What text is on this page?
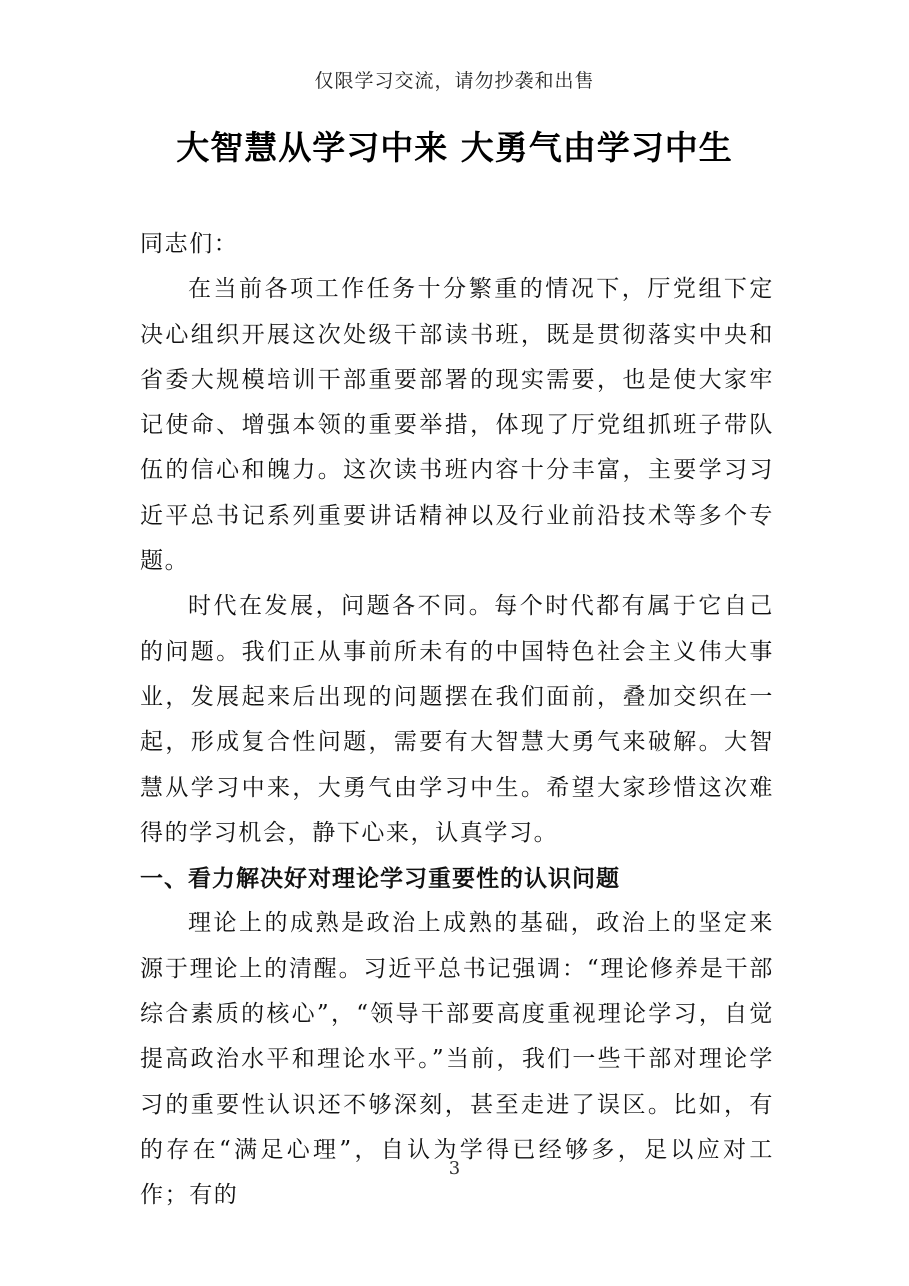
仅限学习交流，请勿抄袭和出售
大智慧从学习中来 大勇气由学习中生

同志们：

在当前各项工作任务十分繁重的情况下，厅党组下定决心组织开展这次处级干部读书班，既是贯彻落实中央和省委大规模培训干部重要部署的现实需要，也是使大家牢记使命、增强本领的重要举措，体现了厅党组抓班子带队伍的信心和魄力。这次读书班内容十分丰富，主要学习习近平总书记系列重要讲话精神以及行业前沿技术等多个专题。

时代在发展，问题各不同。每个时代都有属于它自己的问题。我们正从事前所未有的中国特色社会主义伟大事业，发展起来后出现的问题摆在我们面前，叠加交织在一起，形成复合性问题，需要有大智慧大勇气来破解。大智慧从学习中来，大勇气由学习中生。希望大家珍惜这次难得的学习机会，静下心来，认真学习。

一、看力解决好对理论学习重要性的认识问题

理论上的成熟是政治上成熟的基础，政治上的坚定来源于理论上的清醒。习近平总书记强调：“理论修养是干部综合素质的核心”，“领导干部要高度重视理论学习，自觉提高政治水平和理论水平。”当前，我们一些干部对理论学习的重要性认识还不够深刻，甚至走进了误区。比如，有的存在“满足心理”，自认为学得已经够多，足以应对工作；有的

3
